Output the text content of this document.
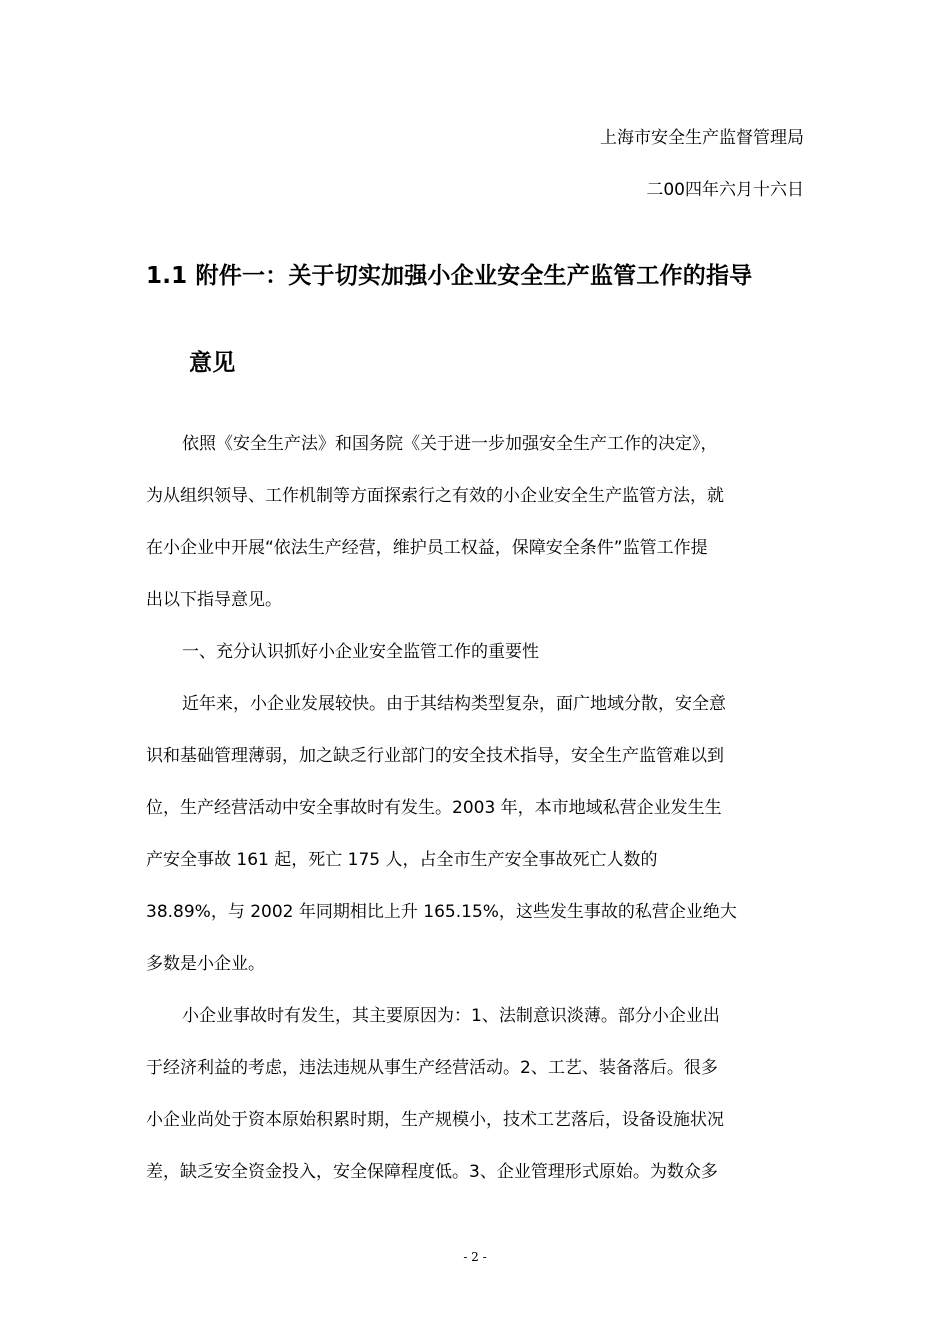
上海市安全生产监督管理局
二00四年六月十六日
1.1 附件一：关于切实加强小企业安全生产监管工作的指导
意见
依照《安全生产法》和国务院《关于进一步加强安全生产工作的决定》，
为从组织领导、工作机制等方面探索行之有效的小企业安全生产监管方法，就
在小企业中开展“依法生产经营，维护员工权益，保障安全条件”监管工作提
出以下指导意见。
一、充分认识抓好小企业安全监管工作的重要性
近年来，小企业发展较快。由于其结构类型复杂，面广地域分散，安全意
识和基础管理薄弱，加之缺乏行业部门的安全技术指导，安全生产监管难以到
位，生产经营活动中安全事故时有发生。2003 年，本市地域私营企业发生生
产安全事故 161 起，死亡 175 人，占全市生产安全事故死亡人数的
38.89%，与 2002 年同期相比上升 165.15%，这些发生事故的私营企业绝大
多数是小企业。
小企业事故时有发生，其主要原因为：1、法制意识淡薄。部分小企业出
于经济利益的考虑，违法违规从事生产经营活动。2、工艺、装备落后。很多
小企业尚处于资本原始积累时期，生产规模小，技术工艺落后，设备设施状况
差，缺乏安全资金投入，安全保障程度低。3、企业管理形式原始。为数众多
- 2 -
